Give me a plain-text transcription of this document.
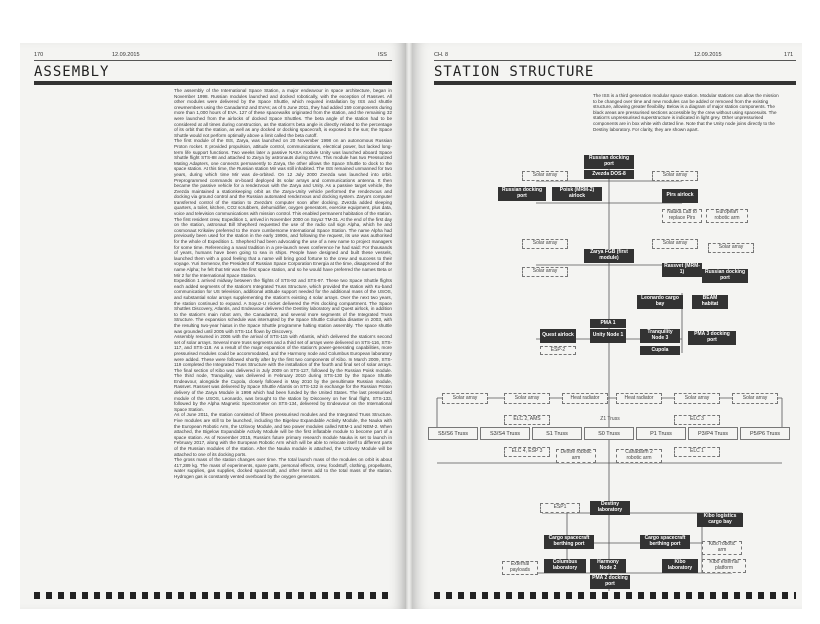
170	12.09.2015	ISS
ASSEMBLY

The assembly of the International Space Station, a major endeavour in space architecture, began in November 1998. Russian modules launched and docked robotically, with the exception of Rassvet. All other modules were delivered by the Space Shuttle, which required installation by ISS and shuttle crewmembers using the Canadarm2 and EVAs; as of 5 June 2011, they had added 159 components during more than 1,000 hours of EVA. 127 of these spacewalks originated from the station, and the remaining 32 were launched from the airlocks of docked Space Shuttles. The beta angle of the station had to be considered at all times during construction, as the station's beta angle is directly related to the percentage of its orbit that the station, as well as any docked or docking spacecraft, is exposed to the sun; the Space Shuttle would not perform optimally above a limit called the beta cutoff.

The first module of the ISS, Zarya, was launched on 20 November 1998 on an autonomous Russian Proton rocket. It provided propulsion, attitude control, communications, electrical power, but lacked long-term life support functions. Two weeks later a passive NASA module Unity was launched aboard Space Shuttle flight STS-88 and attached to Zarya by astronauts during EVAs. This module has two Pressurized Mating Adapters, one connects permanently to Zarya, the other allows the Space Shuttle to dock to the space station. At this time, the Russian station Mir was still inhabited. The ISS remained unmanned for two years, during which time Mir was de-orbited. On 12 July 2000 Zvezda was launched into orbit. Preprogrammed commands on-board deployed its solar arrays and communications antenna. It then became the passive vehicle for a rendezvous with the Zarya and Unity. As a passive target vehicle, the Zvezda maintained a stationkeeping orbit as the Zarya-Unity vehicle performed the rendezvous and docking via ground control and the Russian automated rendezvous and docking system. Zarya's computer transferred control of the station to Zvezda's computer soon after docking. Zvezda added sleeping quarters, a toilet, kitchen, CO2 scrubbers, dehumidifier, oxygen generators, exercise equipment, plus data, voice and television communications with mission control. This enabled permanent habitation of the station.

The first resident crew, Expedition 1, arrived in November 2000 on Soyuz TM-31. At the end of the first day on the station, astronaut Bill Shepherd requested the use of the radio call sign Alpha, which he and cosmonaut Krikalev preferred to the more cumbersome International Space Station. The name Alpha had previously been used for the station in the early 1990s, and following the request, its use was authorised for the whole of Expedition 1. Shepherd had been advocating the use of a new name to project managers for some time. Referencing a naval tradition in a pre-launch news conference he had said: For thousands of years, humans have been going to sea in ships. People have designed and built these vessels, launched them with a good feeling that a name will bring good fortune to the crew and success to their voyage. Yuri Semenov, the President of Russian Space Corporation Energia at the time, disapproved of the name Alpha; he felt that Mir was the first space station, and so he would have preferred the names Beta or Mir 2 for the International Space Station.

Expedition 1 arrived midway between the flights of STS-92 and STS-97. These two Space Shuttle flights each added segments of the station's Integrated Truss Structure, which provided the station with Ku-band communication for US television, additional attitude support needed for the additional mass of the USOS, and substantial solar arrays supplementing the station's existing 4 solar arrays. Over the next two years, the station continued to expand. A Soyuz-U rocket delivered the Pirs docking compartment. The Space Shuttles Discovery, Atlantis, and Endeavour delivered the Destiny laboratory and Quest airlock, in addition to the station's main robot arm, the Canadarm2, and several more segments of the Integrated Truss Structure. The expansion schedule was interrupted by the Space Shuttle Columbia disaster in 2003, with the resulting two-year hiatus in the Space Shuttle programme halting station assembly. The space shuttle was grounded until 2005 with STS-114 flown by Discovery.

Assembly resumed in 2006 with the arrival of STS-115 with Atlantis, which delivered the station's second set of solar arrays. Several more truss segments and a third set of arrays were delivered on STS-116, STS-117, and STS-118. As a result of the major expansion of the station's power-generating capabilities, more pressurised modules could be accommodated, and the Harmony node and Columbus European laboratory were added. These were followed shortly after by the first two components of Kibo. In March 2009, STS-119 completed the Integrated Truss Structure with the installation of the fourth and final set of solar arrays. The final section of Kibo was delivered in July 2009 on STS-127, followed by the Russian Poisk module. The third node, Tranquility, was delivered in February 2010 during STS-130 by the Space Shuttle Endeavour, alongside the Cupola, closely followed in May 2010 by the penultimate Russian module, Rassvet. Rassvet was delivered by Space Shuttle Atlantis on STS-132 in exchange for the Russian Proton delivery of the Zarya Module in 1998 which had been funded by the United States. The last pressurised module of the USOS, Leonardo, was brought to the station by Discovery on her final flight, STS-133, followed by the Alpha Magnetic Spectrometer on STS-134, delivered by Endeavour on the International Space Station.

As of June 2011, the station consisted of fifteen pressurised modules and the Integrated Truss Structure. Five modules are still to be launched, including the Bigelow Expandable Activity Module, the Nauka with the European Robotic Arm, the Uzlovoy Module, and two power modules called NEM-1 and NEM-2. When attached, the Bigelow Expandable Activity Module will be the first inflatable module to become part of a space station. As of November 2015, Russia's future primary research module Nauka is set to launch in February 2017, along with the European Robotic Arm which will be able to relocate itself to different parts of the Russian modules of the station. After the Nauka module is attached, the Uzlovoy Module will be attached to one of its docking ports.

The gross mass of the station changes over time. The total launch mass of the modules on orbit is about 417,289 kg. The mass of experiments, spare parts, personal effects, crew, foodstuff, clothing, propellants, water supplies, gas supplies, docked spacecraft, and other items add to the total mass of the station. Hydrogen gas is constantly vented overboard by the oxygen generators.

CH. 8	12.09.2015	171
STATION STRUCTURE
The ISS is a third generation modular space station. Modular stations can allow the mission to be changed over time and new modules can be added or removed from the existing structure, allowing greater flexibility. Below is a diagram of major station components. The black areas are pressurised sections accessible by the crew without using spacesuits. The station's unpressurised superstructure is indicated in light grey. Other unpressurised components are in box white with dotted line. Note that the Unity node joins directly to the Destiny laboratory. For clarity, they are shown apart.
Russian docking port
Zvezda DOS-8
Russian docking port
Poisk (MRM-2) airlock	Pirs airlock
Zarya FGB (first module)
Rassvet (MRM-1)	Russian docking port
Leonardo cargo bay
BEAM habitat
PMA 1
Unity Node 1
Quest airlock	Tranquility Node 3
PMA 3 docking port
Cupola
Destiny laboratory
Kibo logistics cargo bay
Cargo spacecraft berthing port
Cargo spacecraft berthing port
Columbus laboratory
Harmony Node 2
Kibo laboratory
PMA 2 docking port
Solar array	Solar array
Solar array	Solar array
Solar array
Solar array
Nauka Lab to replace Pirs
European robotic arm
ESP-2
Solar array	Solar array	Heat radiator	Heat radiator	Solar array	Solar array
ELC 2, AMS	Z1 Truss	ELC 3
ELC 4, ESP 3	Dextre robotic arm
Canadarm 2 robotic arm
ELC 1
ESP1
Kibo robotic arm
External payloads
Kibo external platform
S5/S6 Truss	S3/S4 Truss	S1 Truss	S0 Truss	P1 Truss	P3/P4 Truss	P5/P6 Truss
